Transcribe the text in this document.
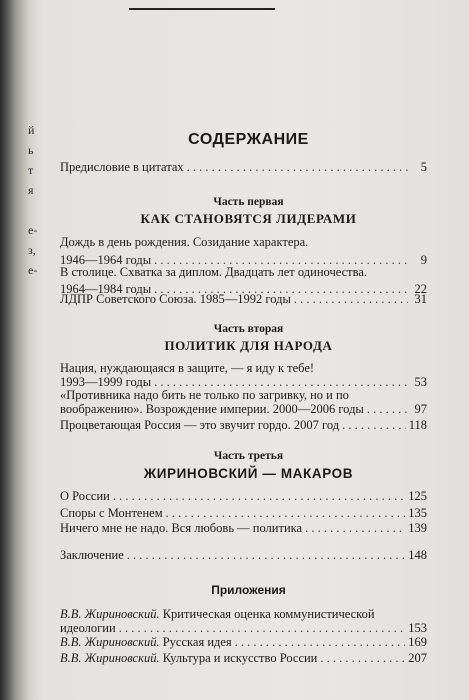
й
ь
т
я
е-
з,
е-
СОДЕРЖАНИЕ
Предисловие в цитатах . . .	5
Часть первая
КАК СТАНОВЯТСЯ ЛИДЕРАМИ
Дождь в день рождения. Созидание характера.
1946—1964 годы . . .	9
В столице. Схватка за диплом. Двадцать лет одиночества.
1964—1984 годы . . .	22
ЛДПР Советского Союза. 1985—1992 годы . . .	31
Часть вторая
ПОЛИТИК ДЛЯ НАРОДА
Нация, нуждающаяся в защите, — я иду к тебе!
1993—1999 годы . . .	53
«Противника надо бить не только по загривку, но и по
воображению». Возрождение империи. 2000—2006 годы . . .	97
Процветающая Россия — это звучит гордо. 2007 год . . .	118
Часть третья
ЖИРИНОВСКИЙ — МАКАРОВ
О России . . .	125
Споры с Монтенем . . .	135
Ничего мне не надо. Вся любовь — политика . . .	139
Заключение . . .	148
Приложения
В.В. Жириновский. Критическая оценка коммунистической
идеологии . . .	153
В.В. Жириновский. Русская идея . . .	169
В.В. Жириновский. Культура и искусство России . . .	207
